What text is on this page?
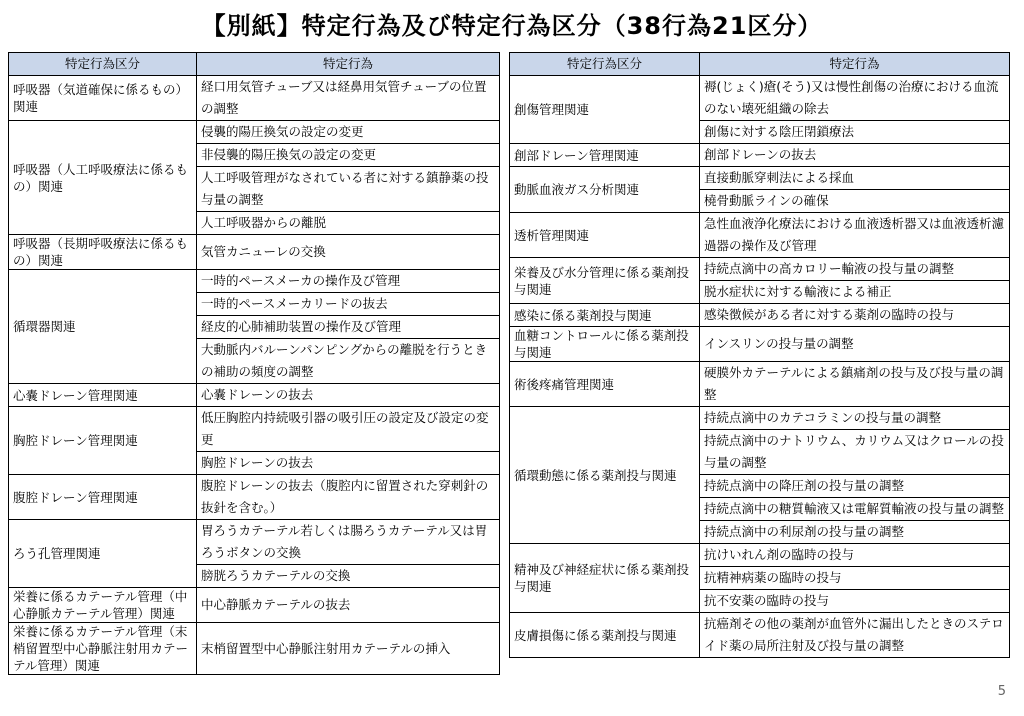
【別紙】特定行為及び特定行為区分（38行為21区分）
特定行為区分	特定行為
呼吸器（気道確保に係るもの）関連	経口用気管チューブ又は経鼻用気管チューブの位置の調整
呼吸器（人工呼吸療法に係るもの）関連	侵襲的陽圧換気の設定の変更
	非侵襲的陽圧換気の設定の変更
	人工呼吸管理がなされている者に対する鎮静薬の投与量の調整
	人工呼吸器からの離脱
呼吸器（長期呼吸療法に係るもの）関連	気管カニューレの交換
循環器関連	一時的ペースメーカの操作及び管理
	一時的ペースメーカリードの抜去
	経皮的心肺補助装置の操作及び管理
	大動脈内バルーンパンピングからの離脱を行うときの補助の頻度の調整
心嚢ドレーン管理関連	心嚢ドレーンの抜去
胸腔ドレーン管理関連	低圧胸腔内持続吸引器の吸引圧の設定及び設定の変更
	胸腔ドレーンの抜去
腹腔ドレーン管理関連	腹腔ドレーンの抜去（腹腔内に留置された穿刺針の抜針を含む。）
ろう孔管理関連	胃ろうカテーテル若しくは腸ろうカテーテル又は胃ろうボタンの交換
	膀胱ろうカテーテルの交換
栄養に係るカテーテル管理（中心静脈カテーテル管理）関連	中心静脈カテーテルの抜去
栄養に係るカテーテル管理（末梢留置型中心静脈注射用カテーテル管理）関連	末梢留置型中心静脈注射用カテーテルの挿入
特定行為区分	特定行為
創傷管理関連	褥(じょく)瘡(そう)又は慢性創傷の治療における血流のない壊死組織の除去
	創傷に対する陰圧閉鎖療法
創部ドレーン管理関連	創部ドレーンの抜去
動脈血液ガス分析関連	直接動脈穿刺法による採血
	橈骨動脈ラインの確保
透析管理関連	急性血液浄化療法における血液透析器又は血液透析濾過器の操作及び管理
栄養及び水分管理に係る薬剤投与関連	持続点滴中の高カロリー輸液の投与量の調整
	脱水症状に対する輸液による補正
感染に係る薬剤投与関連	感染徴候がある者に対する薬剤の臨時の投与
血糖コントロールに係る薬剤投与関連	インスリンの投与量の調整
術後疼痛管理関連	硬膜外カテーテルによる鎮痛剤の投与及び投与量の調整
循環動態に係る薬剤投与関連	持続点滴中のカテコラミンの投与量の調整
	持続点滴中のナトリウム、カリウム又はクロールの投与量の調整
	持続点滴中の降圧剤の投与量の調整
	持続点滴中の糖質輸液又は電解質輸液の投与量の調整
	持続点滴中の利尿剤の投与量の調整
精神及び神経症状に係る薬剤投与関連	抗けいれん剤の臨時の投与
	抗精神病薬の臨時の投与
	抗不安薬の臨時の投与
皮膚損傷に係る薬剤投与関連	抗癌剤その他の薬剤が血管外に漏出したときのステロイド薬の局所注射及び投与量の調整
5
